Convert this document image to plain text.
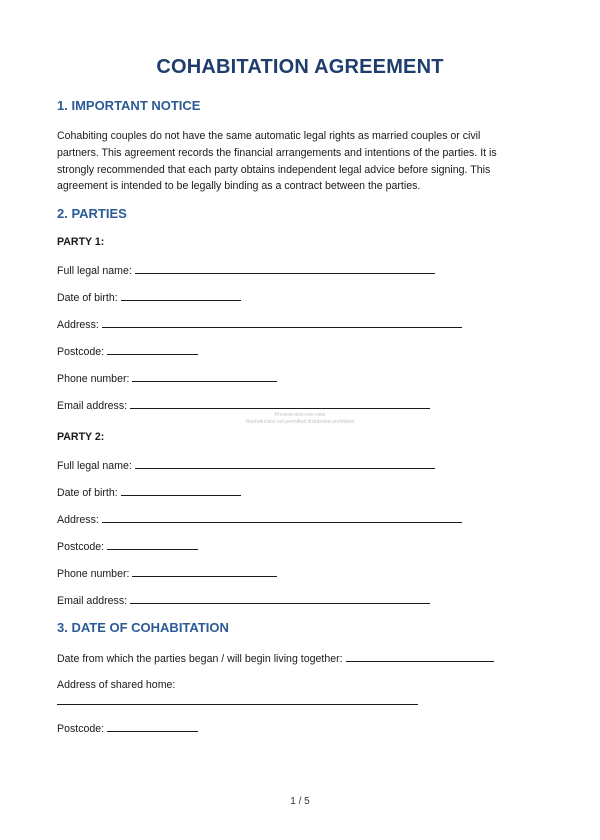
COHABITATION AGREEMENT
1. IMPORTANT NOTICE
Cohabiting couples do not have the same automatic legal rights as married couples or civil
partners. This agreement records the financial arrangements and intentions of the parties. It is
strongly recommended that each party obtains independent legal advice before signing. This
agreement is intended to be legally binding as a contract between the parties.
2. PARTIES
PARTY 1:
Full legal name:
Date of birth:
Address:
Postcode:
Phone number:
Email address:
Preview-also-non-view
Reproduction not permitted distributed-prohibited
PARTY 2:
Full legal name:
Date of birth:
Address:
Postcode:
Phone number:
Email address:
3. DATE OF COHABITATION
Date from which the parties began / will begin living together:
Address of shared home:
Postcode:
1 / 5
